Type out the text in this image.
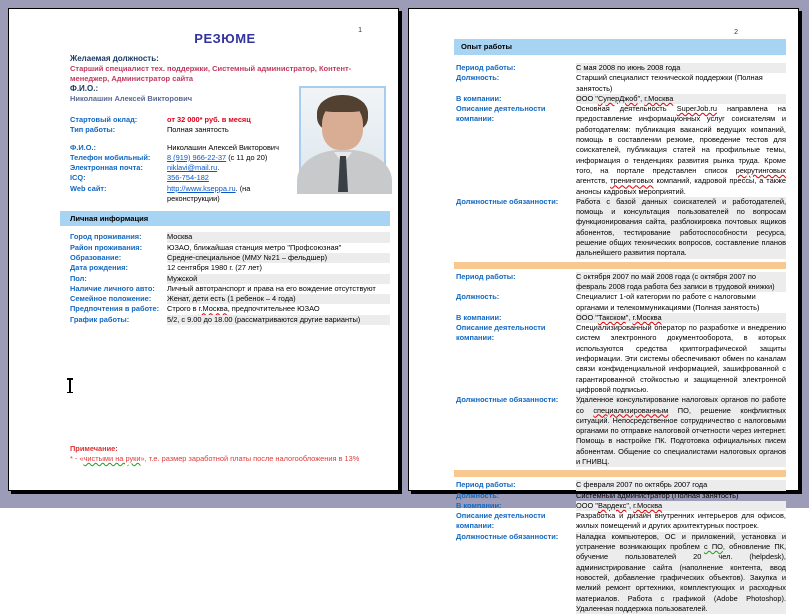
1
РЕЗЮМЕ
Желаемая должность:
Старший специалист тех. поддержки, Системный администратор, Контент-менеджер, Администратор сайта
Ф.И.О.:
Николашин Алексей Викторович
Стартовый оклад:	от 32 000* руб. в месяц
Тип работы:	Полная занятость
Ф.И.О.:	Николашин Алексей Викторович
Телефон мобильный:	8 (919) 966-22-37 (с 11 до 20)
Электронная почта:	niklavi@mail.ru.
ICQ:	356-754-182
Web сайт:	http://www.kseppa.ru. (на реконструкции)
Личная информация
Город проживания:	Москва
Район проживания:	ЮЗАО, ближайшая станция метро "Профсоюзная"
Образование:	Средне-специальное (ММУ №21 – фельдшер)
Дата рождения:	12 сентября 1980 г. (27 лет)
Пол:	Мужской
Наличие личного авто:	Личный автотранспорт и права на его вождение отсутствуют
Семейное положение:	Женат, дети есть (1 ребенок – 4 года)
Предпочтения в работе:	Строго в г.Москва, предпочтительнее ЮЗАО
График работы:	5/2, с 9.00 до 18.00 (рассматриваются другие варианты)
Примечание:
* - «чистыми на руки», т.е. размер заработной платы после налогообложения в 13%
2
Опыт работы
Период работы:	С мая 2008 по июнь 2008 года
Должность:	Старший специалист технической поддержки (Полная занятость)
В компании:	ООО "СуперДжоб", г.Москва
Описание деятельности компании:
Основная деятельность SuperJob.ru направлена на предоставление информационных услуг соискателям и работодателям: публикация вакансий ведущих компаний, помощь в составлении резюме, проведение тестов для соискателей, публикация статей на профильные темы, информация о тенденциях развития рынка труда. Кроме того, на портале представлен список рекрутинговых агентств, тренинговых компаний, кадровой прессы, а также анонсы кадровых мероприятий.
Должностные обязанности:	Работа с базой данных соискателей и работодателей, помощь и консультация пользователей по вопросам функционирования сайта, разблокировка почтовых ящиков абонентов, тестирование работоспособности ресурса, решение общих технических вопросов, составление планов дальнейшего развития портала.
Период работы:	С октября 2007 по май 2008 года (с октября 2007 по февраль 2008 года работа без записи в трудовой книжки)
Должность:	Специалист 1-ой категории по работе с налоговыми органами и телекоммуникациями (Полная занятость)
В компании:	ООО "Такском", г.Москва
Описание деятельности компании:
Специализированный оператор по разработке и внедрению систем электронного документооборота, в которых используются средства криптографической защиты информации. Эти системы обеспечивают обмен по каналам связи конфиденциальной информацией, зашифрованной с гарантированной стойкостью и защищенной электронной цифровой подписью.
Должностные обязанности:	Удаленное консультирование налоговых органов по работе со специализированным ПО, решение конфликтных ситуаций. Непосредственное сотрудничество с налоговыми органами по отправке налоговой отчетности через интернет. Помощь в настройке ПК. Подготовка официальных писем абонентам. Общение со специалистами налоговых органов и ГНИВЦ.
Период работы:	С февраля 2007 по октябрь 2007 года
Должность:	Системный администратор (Полная занятость)
В компании:	ООО "Вардекс", г.Москва
Описание деятельности компании:
Разработка и дизайн внутренних интерьеров для офисов, жилых помещений и других архитектурных построек.
Должностные обязанности:	Наладка компьютеров, ОС и приложений, установка и устранение возникающих проблем с ПО, обновление ПК, обучение пользователей 20 чел. (helpdesk), администрирование сайта (наполнение контента, ввод новостей, добавление графических объектов). Закупка и мелкий ремонт оргтехники, комплектующих и расходных материалов. Работа с графикой (Adobe Photoshop). Удаленная поддержка пользователей.
